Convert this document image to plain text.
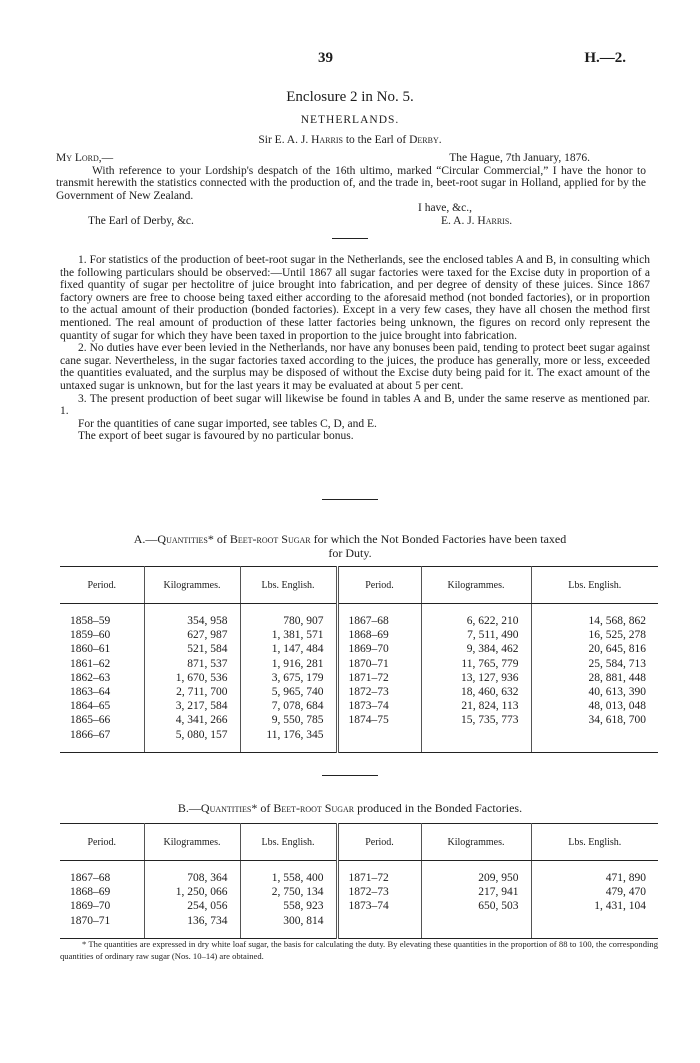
39	H.—2.
Enclosure 2 in No. 5.
NETHERLANDS.
Sir E. A. J. Harris to the Earl of Derby.
My Lord,—	The Hague, 7th January, 1876.

With reference to your Lordship's despatch of the 16th ultimo, marked “Circular Commercial,” I have the honor to transmit herewith the statistics connected with the production of, and the trade in, beet-root sugar in Holland, applied for by the Government of New Zealand.

I have, &c.,
The Earl of Derby, &c.	E. A. J. Harris.

1. For statistics of the production of beet-root sugar in the Netherlands, see the enclosed tables A and B, in consulting which the following particulars should be observed:—Until 1867 all sugar factories were taxed for the Excise duty in proportion of a fixed quantity of sugar per hectolitre of juice brought into fabrication, and per degree of density of these juices. Since 1867 factory owners are free to choose being taxed either according to the aforesaid method (not bonded factories), or in proportion to the actual amount of their production (bonded factories). Except in a very few cases, they have all chosen the method first mentioned. The real amount of production of these latter factories being unknown, the figures on record only represent the quantity of sugar for which they have been taxed in proportion to the juice brought into fabrication.

2. No duties have ever been levied in the Netherlands, nor have any bonuses been paid, tending to protect beet sugar against cane sugar. Nevertheless, in the sugar factories taxed according to the juices, the produce has generally, more or less, exceeded the quantities evaluated, and the surplus may be disposed of without the Excise duty being paid for it. The exact amount of the untaxed sugar is unknown, but for the last years it may be evaluated at about 5 per cent.

3. The present production of beet sugar will likewise be found in tables A and B, under the same reserve as mentioned par. 1.

For the quantities of cane sugar imported, see tables C, D, and E.

The export of beet sugar is favoured by no particular bonus.

A.—Quantities* of Beet-root Sugar for which the Not Bonded Factories have been taxed
for Duty.
Period.	Kilogrammes.	Lbs. English.	Period.	Kilogrammes.	Lbs. English.

1858–59	354, 958	780, 907	1867–68	6, 622, 210	14, 568, 862
1859–60	627, 987	1, 381, 571	1868–69	7, 511, 490	16, 525, 278
1860–61	521, 584	1, 147, 484	1869–70	9, 384, 462	20, 645, 816
1861–62	871, 537	1, 916, 281	1870–71	11, 765, 779	25, 584, 713
1862–63	1, 670, 536	3, 675, 179	1871–72	13, 127, 936	28, 881, 448
1863–64	2, 711, 700	5, 965, 740	1872–73	18, 460, 632	40, 613, 390
1864–65	3, 217, 584	7, 078, 684	1873–74	21, 824, 113	48, 013, 048
1865–66	4, 341, 266	9, 550, 785	1874–75	15, 735, 773	34, 618, 700
1866–67	5, 080, 157	11, 176, 345			

B.—Quantities* of Beet-root Sugar produced in the Bonded Factories.
Period.	Kilogrammes.	Lbs. English.	Period.	Kilogrammes.	Lbs. English.

1867–68	708, 364	1, 558, 400	1871–72	209, 950	471, 890
1868–69	1, 250, 066	2, 750, 134	1872–73	217, 941	479, 470
1869–70	254, 056	558, 923	1873–74	650, 503	1, 431, 104
1870–71	136, 734	300, 814			

* The quantities are expressed in dry white loaf sugar, the basis for calculating the duty. By elevating these quantities in the proportion of 88 to 100, the corresponding quantities of ordinary raw sugar (Nos. 10–14) are obtained.
